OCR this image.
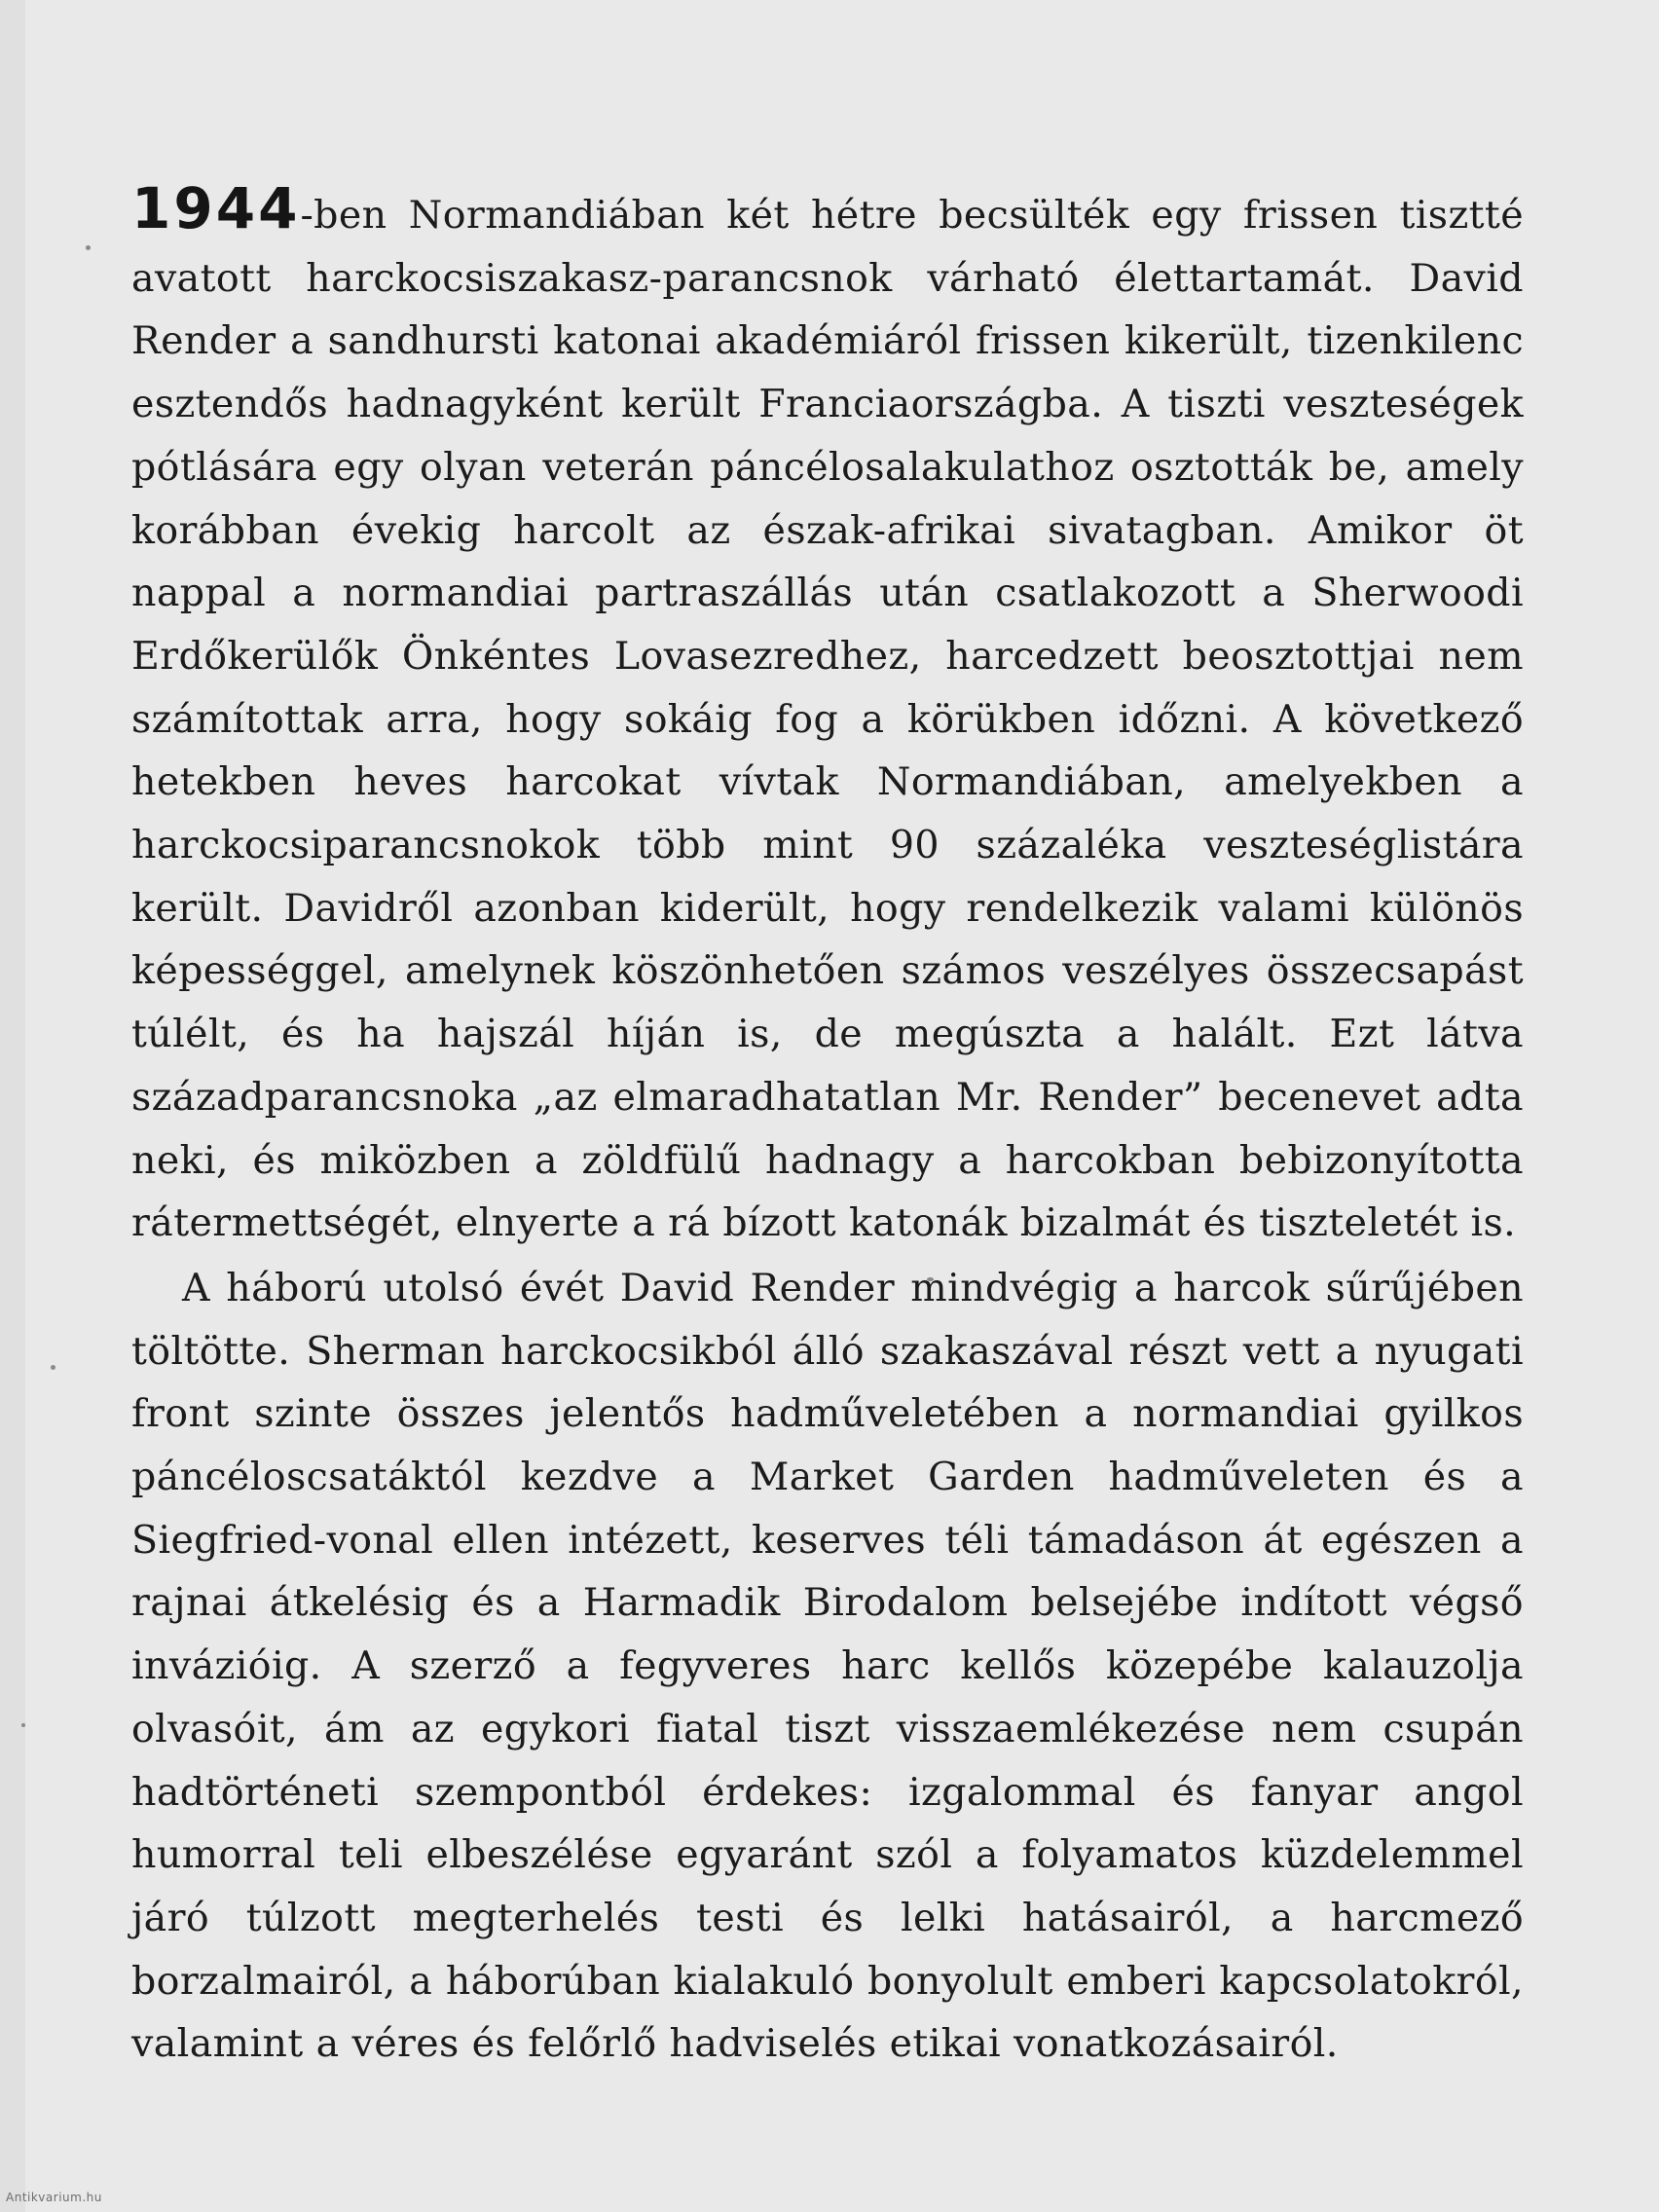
1944-ben Normandiában két hétre becsülték egy frissen tisztté avatott harckocsiszakasz-parancsnok várható élettartamát. David Render a sandhursti katonai akadémiáról frissen kikerült, tizenkilenc esztendős hadnagyként került Franciaországba. A tiszti veszteségek pótlására egy olyan veterán páncélosalakulathoz osztották be, amely korábban évekig harcolt az észak-afrikai sivatagban. Amikor öt nappal a normandiai partraszállás után csatlakozott a Sherwoodi Erdőkerülők Önkéntes Lovasezredhez, harcedzett beosztottjai nem számítottak arra, hogy sokáig fog a körükben időzni. A következő hetekben heves harcokat vívtak Normandiában, amelyekben a harckocsiparancsnokok több mint 90 százaléka veszteséglistára került. Davidről azonban kiderült, hogy rendelkezik valami különös képességgel, amelynek köszönhetően számos veszélyes összecsapást túlélt, és ha hajszál híján is, de megúszta a halált. Ezt látva századparancsnoka „az elmaradhatatlan Mr. Render” becenevet adta neki, és miközben a zöldfülű hadnagy a harcokban bebizonyította rátermettségét, elnyerte a rá bízott katonák bizalmát és tiszteletét is.

A háború utolsó évét David Render mindvégig a harcok sűrűjében töltötte. Sherman harckocsikból álló szakaszával részt vett a nyugati front szinte összes jelentős hadműveletében a normandiai gyilkos páncéloscsatáktól kezdve a Market Garden hadműveleten és a Siegfried-vonal ellen intézett, keserves téli támadáson át egészen a rajnai átkelésig és a Harmadik Birodalom belsejébe indított végső invázióig. A szerző a fegyveres harc kellős közepébe kalauzolja olvasóit, ám az egykori fiatal tiszt visszaemlékezése nem csupán hadtörténeti szempontból érdekes: izgalommal és fanyar angol humorral teli elbeszélése egyaránt szól a folyamatos küzdelemmel járó túlzott megterhelés testi és lelki hatásairól, a harcmező borzalmairól, a háborúban kialakuló bonyolult emberi kapcsolatokról, valamint a véres és felőrlő hadviselés etikai vonatkozásairól.

Antikvarium.hu
